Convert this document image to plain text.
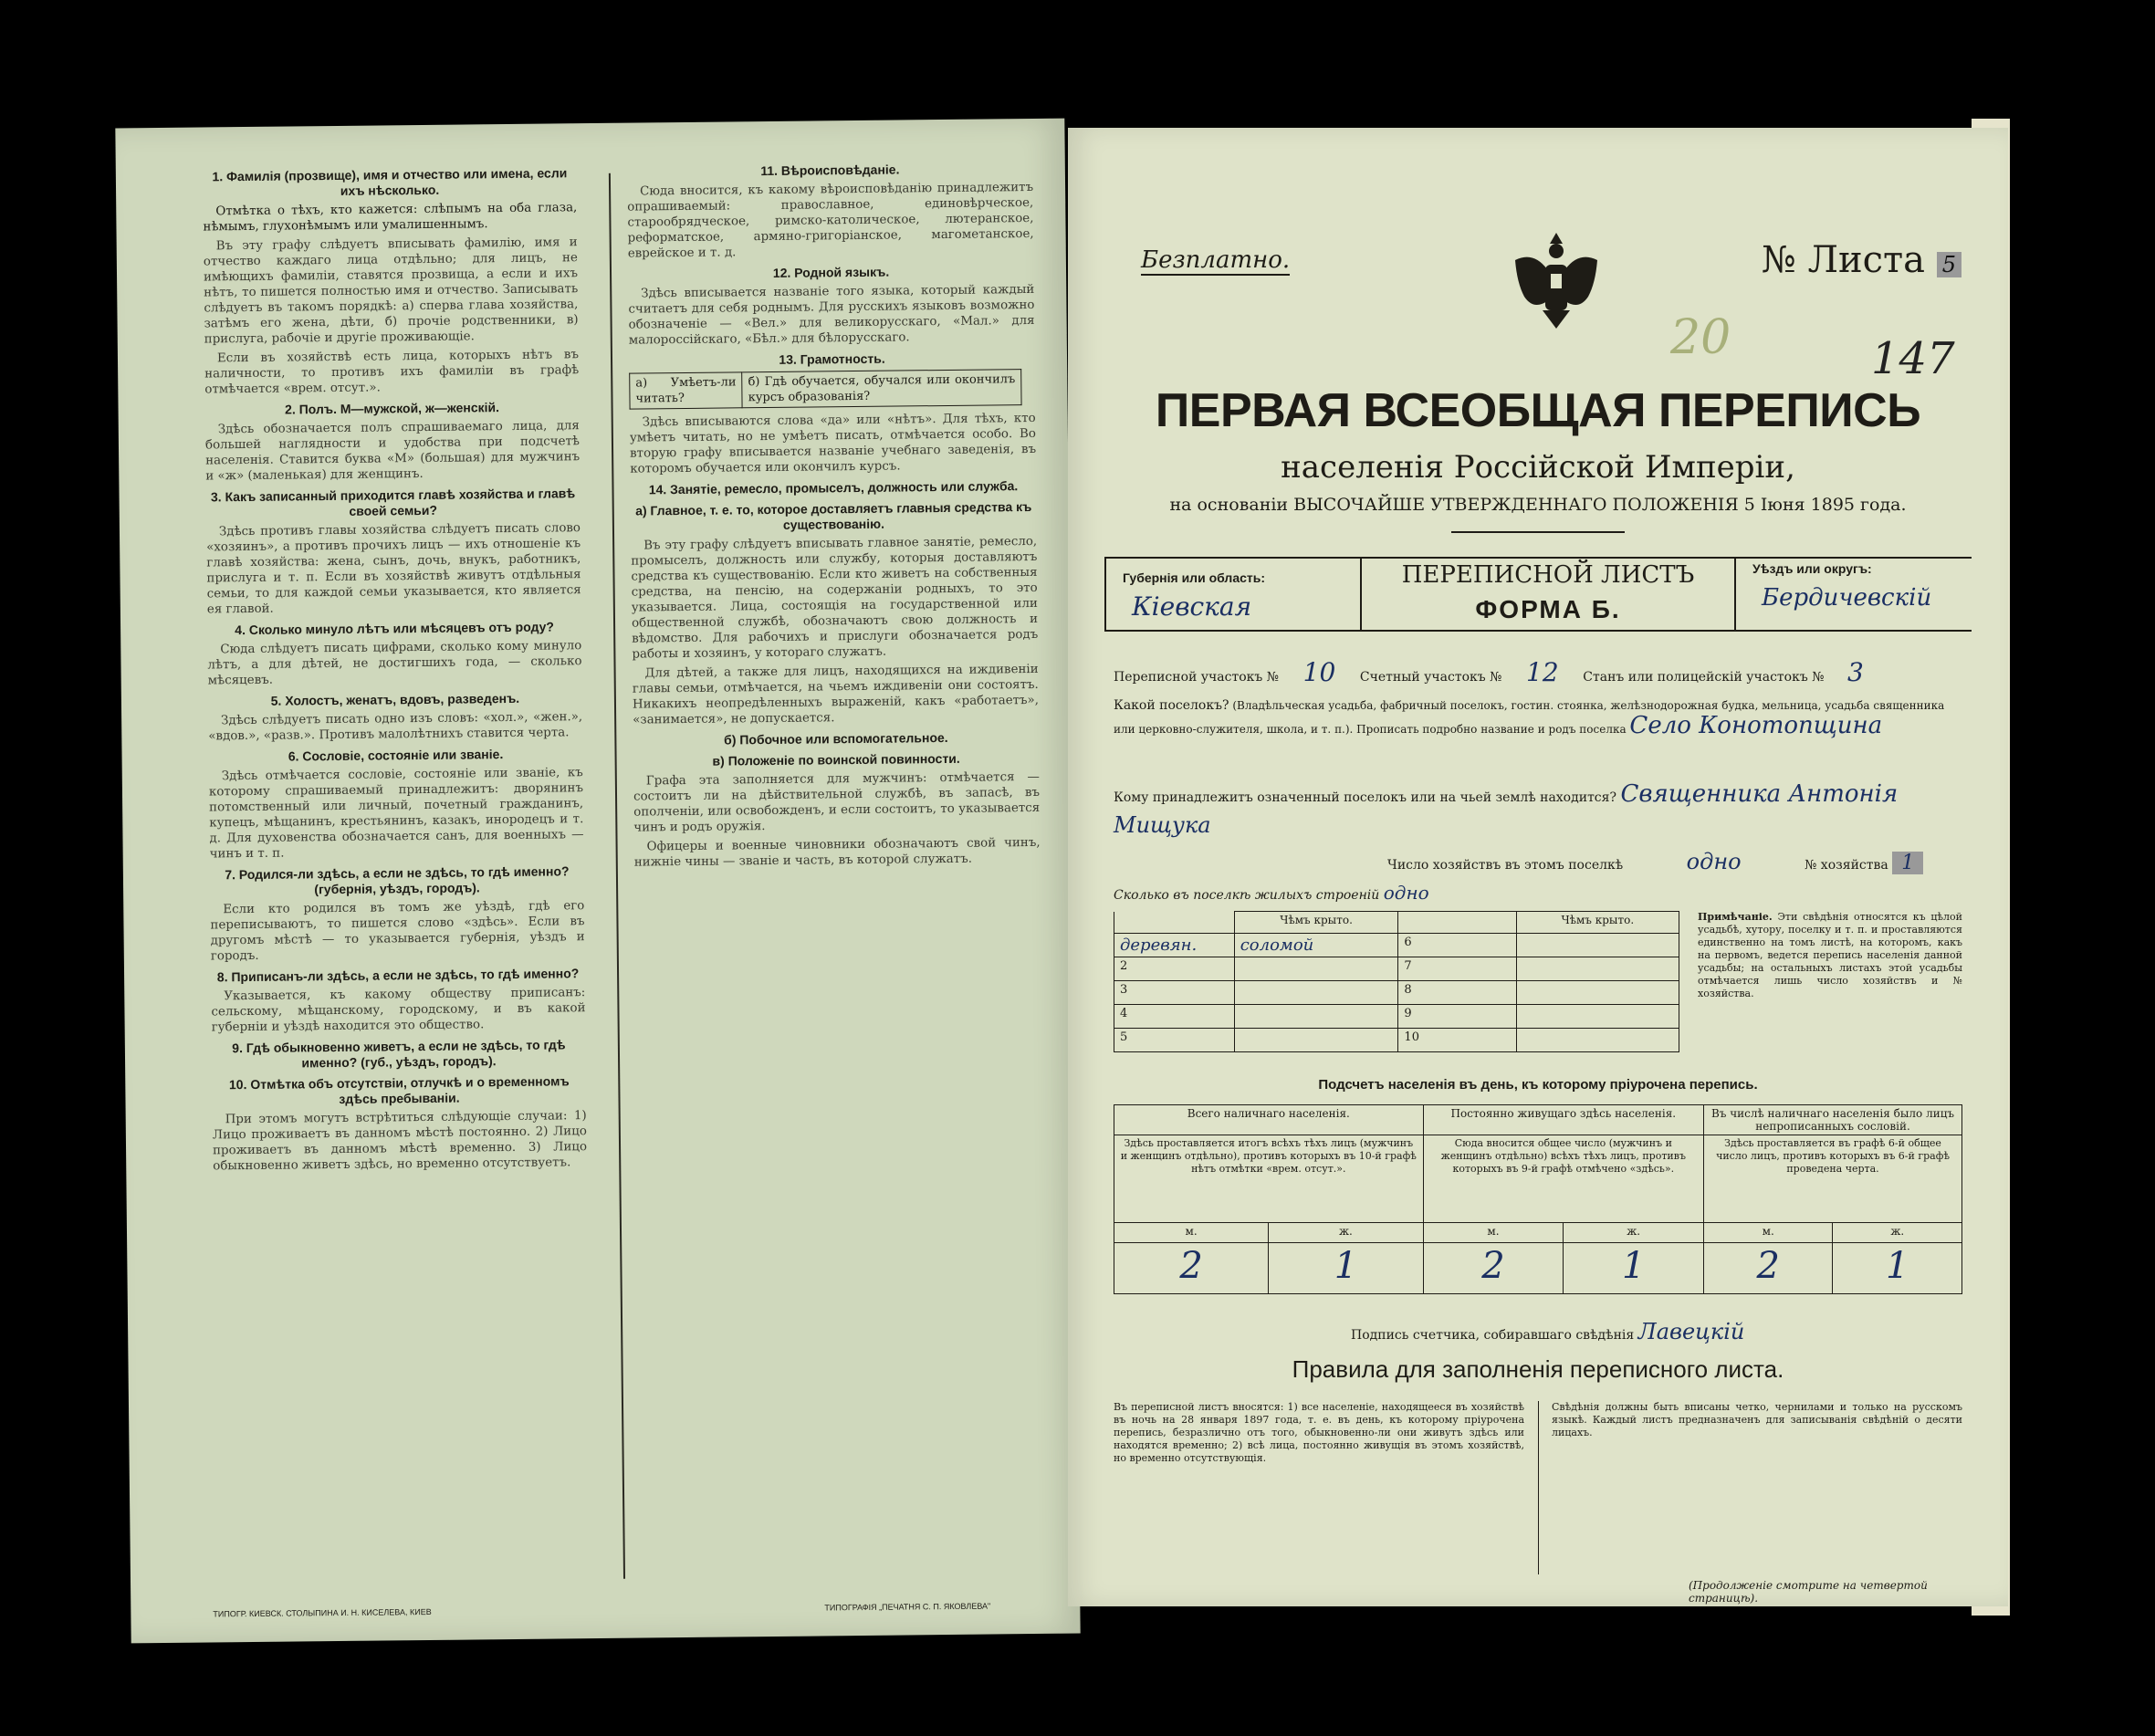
1. Фамилія (прозвище), имя и отчество или имена, если ихъ нѣсколько.

Отмѣтка о тѣхъ, кто кажется: слѣпымъ на оба глаза, нѣмымъ, глухонѣмымъ или умалишеннымъ.

Въ эту графу слѣдуетъ вписывать фамилію, имя и отчество каждаго лица отдѣльно; для лицъ, не имѣющихъ фамиліи, ставятся прозвища, а если и ихъ нѣтъ, то пишется полностью имя и отчество. Записывать слѣдуетъ въ такомъ порядкѣ: а) сперва глава хозяйства, затѣмъ его жена, дѣти, б) прочіе родственники, в) прислуга, рабочіе и другіе проживающіе.

Если въ хозяйствѣ есть лица, которыхъ нѣтъ въ наличности, то противъ ихъ фамиліи въ графѣ отмѣчается «врем. отсут.».

2. Полъ. М—мужской, ж—женскій.

Здѣсь обозначается полъ спрашиваемаго лица, для большей наглядности и удобства при подсчетѣ населенія. Ставится буква «М» (большая) для мужчинъ и «ж» (маленькая) для женщинъ.

3. Какъ записанный приходится главѣ хозяйства и главѣ своей семьи?

Здѣсь противъ главы хозяйства слѣдуетъ писать слово «хозяинъ», а противъ прочихъ лицъ — ихъ отношеніе къ главѣ хозяйства: жена, сынъ, дочь, внукъ, работникъ, прислуга и т. п. Если въ хозяйствѣ живутъ отдѣльныя семьи, то для каждой семьи указывается, кто является ея главой.

4. Сколько минуло лѣтъ или мѣсяцевъ отъ роду?

Сюда слѣдуетъ писать цифрами, сколько кому минуло лѣтъ, а для дѣтей, не достигшихъ года, — сколько мѣсяцевъ.

5. Холостъ, женатъ, вдовъ, разведенъ.

Здѣсь слѣдуетъ писать одно изъ словъ: «хол.», «жен.», «вдов.», «разв.». Противъ малолѣтнихъ ставится черта.

6. Сословіе, состояніе или званіе.

Здѣсь отмѣчается сословіе, состояніе или званіе, къ которому спрашиваемый принадлежитъ: дворянинъ потомственный или личный, почетный гражданинъ, купецъ, мѣщанинъ, крестьянинъ, казакъ, инородецъ и т. д. Для духовенства обозначается санъ, для военныхъ — чинъ и т. п.

7. Родился-ли здѣсь, а если не здѣсь, то гдѣ именно? (губернія, уѣздъ, городъ).

Если кто родился въ томъ же уѣздѣ, гдѣ его переписываютъ, то пишется слово «здѣсь». Если въ другомъ мѣстѣ — то указывается губернія, уѣздъ и городъ.

8. Приписанъ-ли здѣсь, а если не здѣсь, то гдѣ именно?

Указывается, къ какому обществу приписанъ: сельскому, мѣщанскому, городскому, и въ какой губерніи и уѣздѣ находится это общество.

9. Гдѣ обыкновенно живетъ, а если не здѣсь, то гдѣ именно? (губ., уѣздъ, городъ).
10. Отмѣтка объ отсутствіи, отлучкѣ и о временномъ здѣсь пребываніи.

При этомъ могутъ встрѣтиться слѣдующіе случаи: 1) Лицо проживаетъ въ данномъ мѣстѣ постоянно. 2) Лицо проживаетъ въ данномъ мѣстѣ временно. 3) Лицо обыкновенно живетъ здѣсь, но временно отсутствуетъ.

11. Вѣроисповѣданіе.

Сюда вносится, къ какому вѣроисповѣданію принадлежитъ опрашиваемый: православное, единовѣрческое, старообрядческое, римско-католическое, лютеранское, реформатское, армяно-григоріанское, магометанское, еврейское и т. д.

12. Родной языкъ.

Здѣсь вписывается названіе того языка, который каждый считаетъ для себя роднымъ. Для русскихъ языковъ возможно обозначеніе — «Вел.» для великорусскаго, «Мал.» для малороссійскаго, «Бѣл.» для бѣлорусскаго.

13. Грамотность.
а) Умѣетъ-ли читать?	б) Гдѣ обучается, обучался или окончилъ курсъ образованія?

Здѣсь вписываются слова «да» или «нѣтъ». Для тѣхъ, кто умѣетъ читать, но не умѣетъ писать, отмѣчается особо. Во вторую графу вписывается названіе учебнаго заведенія, въ которомъ обучается или окончилъ курсъ.

14. Занятіе, ремесло, промыселъ, должность или служба.
а) Главное, т. е. то, которое доставляетъ главныя средства къ существованію.

Въ эту графу слѣдуетъ вписывать главное занятіе, ремесло, промыселъ, должность или службу, которыя доставляютъ средства къ существованію. Если кто живетъ на собственныя средства, на пенсію, на содержаніи родныхъ, то это указывается. Лица, состоящія на государственной или общественной службѣ, обозначаютъ свою должность и вѣдомство. Для рабочихъ и прислуги обозначается родъ работы и хозяинъ, у котораго служатъ.

Для дѣтей, а также для лицъ, находящихся на иждивеніи главы семьи, отмѣчается, на чьемъ иждивеніи они состоятъ. Никакихъ неопредѣленныхъ выраженій, какъ «работаетъ», «занимается», не допускается.

б) Побочное или вспомогательное.
в) Положеніе по воинской повинности.

Графа эта заполняется для мужчинъ: отмѣчается — состоитъ ли на дѣйствительной службѣ, въ запасѣ, въ ополченіи, или освобожденъ, и если состоитъ, то указывается чинъ и родъ оружія.

Офицеры и военные чиновники обозначаютъ свой чинъ, нижніе чины — званіе и часть, въ которой служатъ.

ТИПОГР. КИЕВСК. СТОЛЫПИНА И. Н. КИСЕЛЕВА, КИЕВ
ТИПОГРАФІЯ „ПЕЧАТНЯ С. П. ЯКОВЛЕВА"
Безплатно.	№ Листа 5
20	147
ПЕРВАЯ ВСЕОБЩАЯ ПЕРЕПИСЬ
населенія Россійской Имперіи,
на основаніи ВЫСОЧАЙШЕ УТВЕРЖДЕННАГО ПОЛОЖЕНІЯ 5 Іюня 1895 года.
Губернія или область:
Кіевская
ПЕРЕПИСНОЙ ЛИСТЪ
ФОРМА Б.
Уѣздъ или округъ:
Бердичевскій
Переписной участокъ № 10 Счетный участокъ № 12 Станъ или полицейскій участокъ № 3
Какой поселокъ? (Владѣльческая усадьба, фабричный поселокъ, гостин. стоянка, желѣзнодорожная будка, мельница, усадьба священника или церковно-служителя, школа, и т. п.). Прописать подробно название и родъ поселка Село Конотопщина
Кому принадлежитъ означенный поселокъ или на чьей землѣ находится? Священника Антонія
Мищука
Число хозяйствъ въ этомъ поселкѣ	одно	№ хозяйства 1
Сколько въ поселкѣ жилыхъ строеній одно
	Чѣмъ крыто.		Чѣмъ крыто.
деревян.	соломой	6	
2		7	
3		8	
4		9	
5		10	
Примѣчаніе. Эти свѣдѣнія относятся къ цѣлой усадьбѣ, хутору, поселку и т. п. и проставляются единственно на томъ листѣ, на которомъ, какъ на первомъ, ведется перепись населенія данной усадьбы; на остальныхъ листахъ этой усадьбы отмѣчается лишь число хозяйствъ и № хозяйства.
Подсчетъ населенія въ день, къ которому пріурочена перепись.
Всего наличнаго населенія.		Постоянно живущаго здѣсь населенія.		Въ числѣ наличнаго населенія было лицъ непрописанныхъ сословій.	
Здѣсь проставляется итогъ всѣхъ тѣхъ лицъ (мужчинъ и женщинъ отдѣльно), противъ которыхъ въ 10-й графѣ нѣтъ отмѣтки «врем. отсут.».		Сюда вносится общее число (мужчинъ и женщинъ отдѣльно) всѣхъ тѣхъ лицъ, противъ которыхъ въ 9-й графѣ отмѣчено «здѣсь».		Здѣсь проставляется въ графѣ 6-й общее число лицъ, противъ которыхъ въ 6-й графѣ проведена черта.	
м.	ж.	м.	ж.	м.	ж.
2	1	2	1	2	1
Подпись счетчика, собиравшаго свѣдѣнія Лавецкій
Правила для заполненія переписного листа.
Въ переписной листъ вносятся: 1) все населеніе, находящееся въ хозяйствѣ въ ночь на 28 января 1897 года, т. е. въ день, къ которому пріурочена перепись, безразлично отъ того, обыкновенно-ли они живутъ здѣсь или находятся временно; 2) всѣ лица, постоянно живущія въ этомъ хозяйствѣ, но временно отсутствующія.
Свѣдѣнія должны быть вписаны четко, чернилами и только на русскомъ языкѣ. Каждый листъ предназначенъ для записыванія свѣдѣній о десяти лицахъ.
(Продолженіе смотрите на четвертой страницѣ).
